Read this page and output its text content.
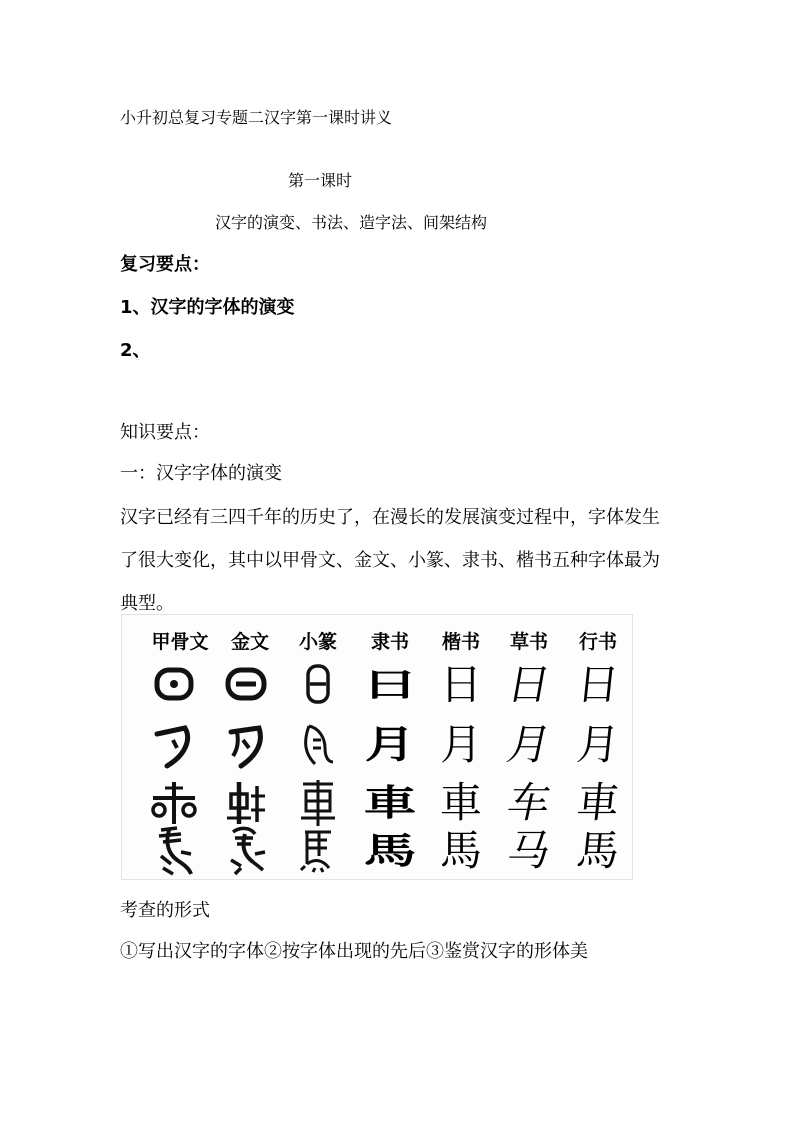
小升初总复习专题二汉字第一课时讲义
第一课时
汉字的演变、书法、造字法、间架结构
复习要点：
1、汉字的字体的演变
2、
知识要点：
一：汉字字体的演变
汉字已经有三四千年的历史了，在漫长的发展演变过程中，字体发生
了很大变化，其中以甲骨文、金文、小篆、隶书、楷书五种字体最为
典型。
甲骨文 金文 小篆 隶书 楷书 草书 行书
日 日 日 日
月 月 月 月
車 車 车 車
馬 馬 马 馬
考查的形式
①写出汉字的字体②按字体出现的先后③鉴赏汉字的形体美
